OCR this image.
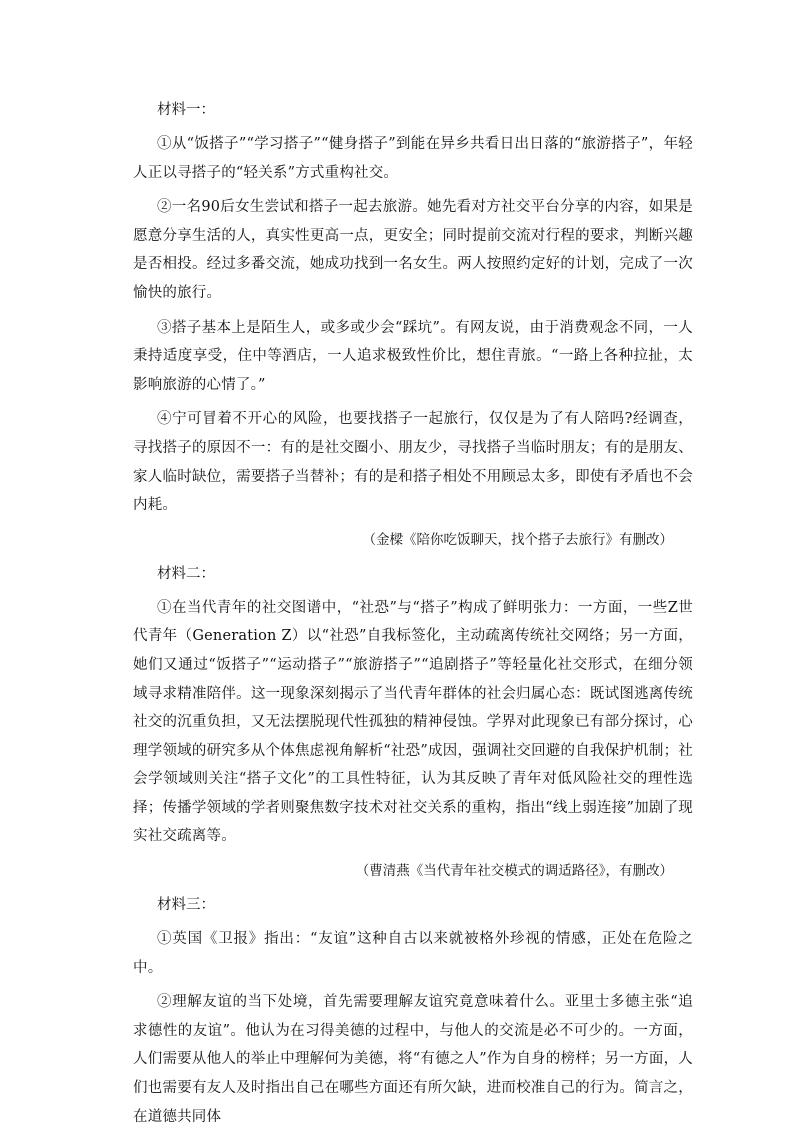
材料一：

①从“饭搭子”“学习搭子”“健身搭子”到能在异乡共看日出日落的“旅游搭子”，年轻人正以寻搭子的“轻关系”方式重构社交。

②一名90后女生尝试和搭子一起去旅游。她先看对方社交平台分享的内容，如果是愿意分享生活的人，真实性更高一点，更安全；同时提前交流对行程的要求，判断兴趣是否相投。经过多番交流，她成功找到一名女生。两人按照约定好的计划，完成了一次愉快的旅行。

③搭子基本上是陌生人，或多或少会“踩坑”。有网友说，由于消费观念不同，一人秉持适度享受，住中等酒店，一人追求极致性价比，想住青旅。“一路上各种拉扯，太影响旅游的心情了。”

④宁可冒着不开心的风险，也要找搭子一起旅行，仅仅是为了有人陪吗?经调查，寻找搭子的原因不一：有的是社交圈小、朋友少，寻找搭子当临时朋友；有的是朋友、家人临时缺位，需要搭子当替补；有的是和搭子相处不用顾忌太多，即使有矛盾也不会内耗。

（金樑《陪你吃饭聊天，找个搭子去旅行》有删改）
材料二：

①在当代青年的社交图谱中，“社恐”与“搭子”构成了鲜明张力：一方面，一些Z世代青年（Generation Z）以“社恐”自我标签化，主动疏离传统社交网络；另一方面，她们又通过“饭搭子”“运动搭子”“旅游搭子”“追剧搭子”等轻量化社交形式，在细分领域寻求精准陪伴。这一现象深刻揭示了当代青年群体的社会归属心态：既试图逃离传统社交的沉重负担，又无法摆脱现代性孤独的精神侵蚀。学界对此现象已有部分探讨，心理学领域的研究多从个体焦虑视角解析“社恐”成因，强调社交回避的自我保护机制；社会学领域则关注“搭子文化”的工具性特征，认为其反映了青年对低风险社交的理性选择；传播学领域的学者则聚焦数字技术对社交关系的重构，指出“线上弱连接”加剧了现实社交疏离等。

（曹清燕《当代青年社交模式的调适路径》，有删改）
材料三：

①英国《卫报》指出：“友谊”这种自古以来就被格外珍视的情感，正处在危险之中。

②理解友谊的当下处境，首先需要理解友谊究竟意味着什么。亚里士多德主张“追求德性的友谊”。他认为在习得美德的过程中，与他人的交流是必不可少的。一方面，人们需要从他人的举止中理解何为美德，将“有德之人”作为自身的榜样；另一方面，人们也需要有友人及时指出自己在哪些方面还有所欠缺，进而校准自己的行为。简言之，在道德共同体
